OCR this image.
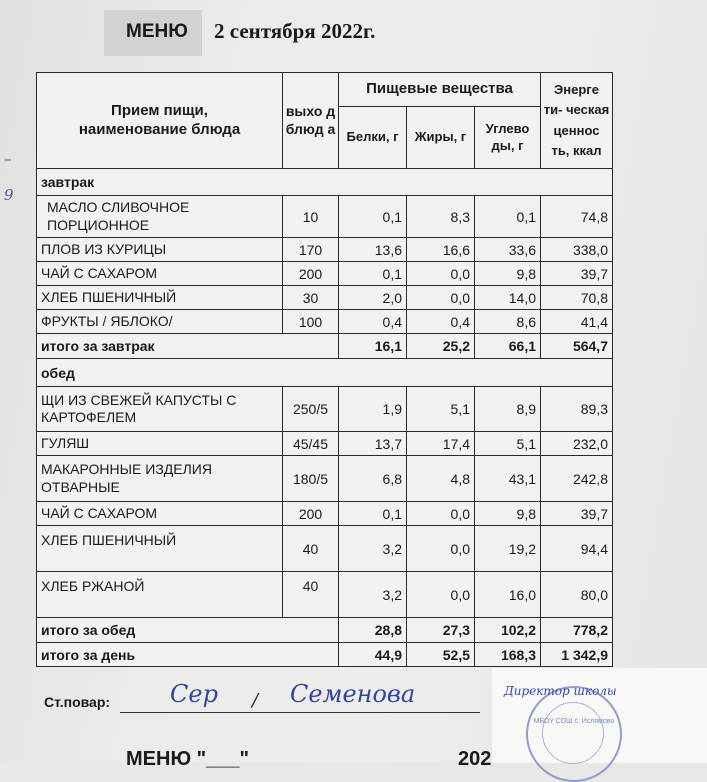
–

9
МЕНЮ 2 сентября 2022г.
Прием пищи, наименование блюда	выхо д блюд а	Пищевые вещества			Энерге ти- ческая ценнос ть, ккал
		Белки, г	Жиры, г	Углево ды, г	
завтрак					
МАСЛО СЛИВОЧНОЕ ПОРЦИОННОЕ	10	0,1	8,3	0,1	74,8
ПЛОВ ИЗ КУРИЦЫ	170	13,6	16,6	33,6	338,0
ЧАЙ С САХАРОМ	200	0,1	0,0	9,8	39,7
ХЛЕБ ПШЕНИЧНЫЙ	30	2,0	0,0	14,0	70,8
ФРУКТЫ / ЯБЛОКО/	100	0,4	0,4	8,6	41,4
итого за завтрак		16,1	25,2	66,1	564,7
обед					
ЩИ ИЗ СВЕЖЕЙ КАПУСТЫ С КАРТОФЕЛЕМ	250/5	1,9	5,1	8,9	89,3
ГУЛЯШ	45/45	13,7	17,4	5,1	232,0
МАКАРОННЫЕ ИЗДЕЛИЯ ОТВАРНЫЕ	180/5	6,8	4,8	43,1	242,8
ЧАЙ С САХАРОМ	200	0,1	0,0	9,8	39,7
ХЛЕБ ПШЕНИЧНЫЙ	40	3,2	0,0	19,2	94,4
ХЛЕБ РЖАНОЙ	40	3,2	0,0	16,0	80,0
итого за обед		28,8	27,3	102,2	778,2
итого за день		44,9	52,5	168,3	1 342,9
Ст.повар: Сер / Семенова
МБОУ СОШ с. Ислямово
Директор школы
МЕНЮ "___"	202
